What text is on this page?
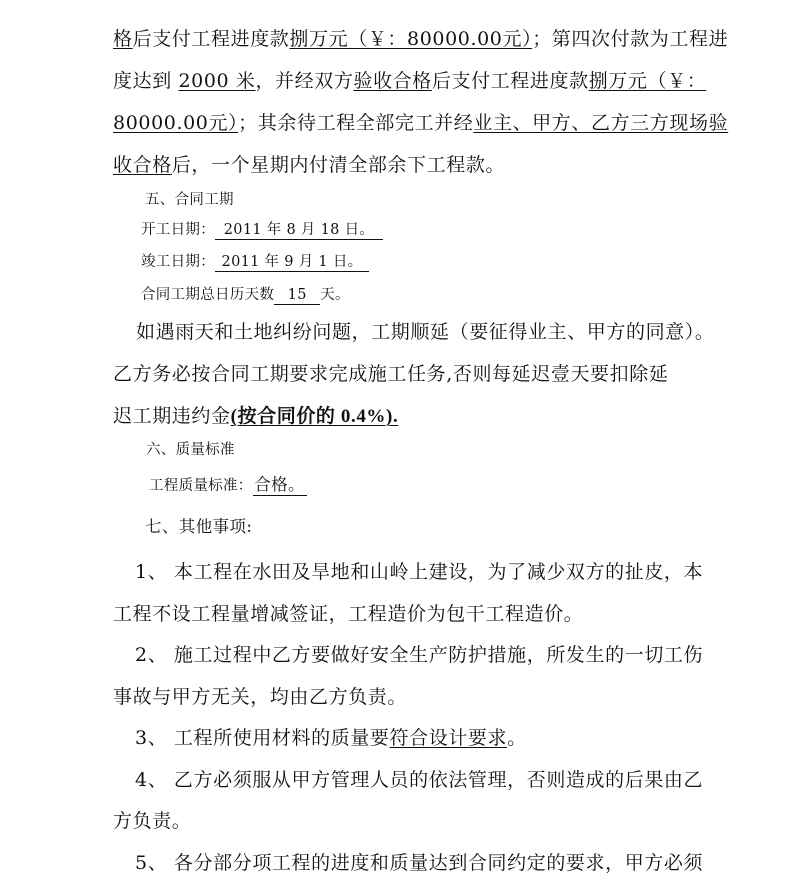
格后支付工程进度款捌万元（￥：80000.00元）；第四次付款为工程进
度达到 2000 米，并经双方验收合格后支付工程进度款捌万元（￥：
80000.00元）；其余待工程全部完工并经业主、甲方、乙方三方现场验
收合格后，一个星期内付清全部余下工程款。
五、合同工期
开工日期： 2011 年 8 月 18 日。
竣工日期： 2011 年 9 月 1 日。
合同工期总日历天数 15 天。
如遇雨天和土地纠纷问题，工期顺延（要征得业主、甲方的同意）。
乙方务必按合同工期要求完成施工任务,否则每延迟壹天要扣除延
迟工期违约金(按合同价的 0.4%).
六、质量标准
工程质量标准：合格。
七、其他事项:
1、 本工程在水田及旱地和山岭上建设，为了减少双方的扯皮，本
工程不设工程量增减签证，工程造价为包干工程造价。
2、 施工过程中乙方要做好安全生产防护措施，所发生的一切工伤
事故与甲方无关，均由乙方负责。
3、 工程所使用材料的质量要符合设计要求。
4、 乙方必须服从甲方管理人员的依法管理，否则造成的后果由乙
方负责。
5、 各分部分项工程的进度和质量达到合同约定的要求，甲方必须
